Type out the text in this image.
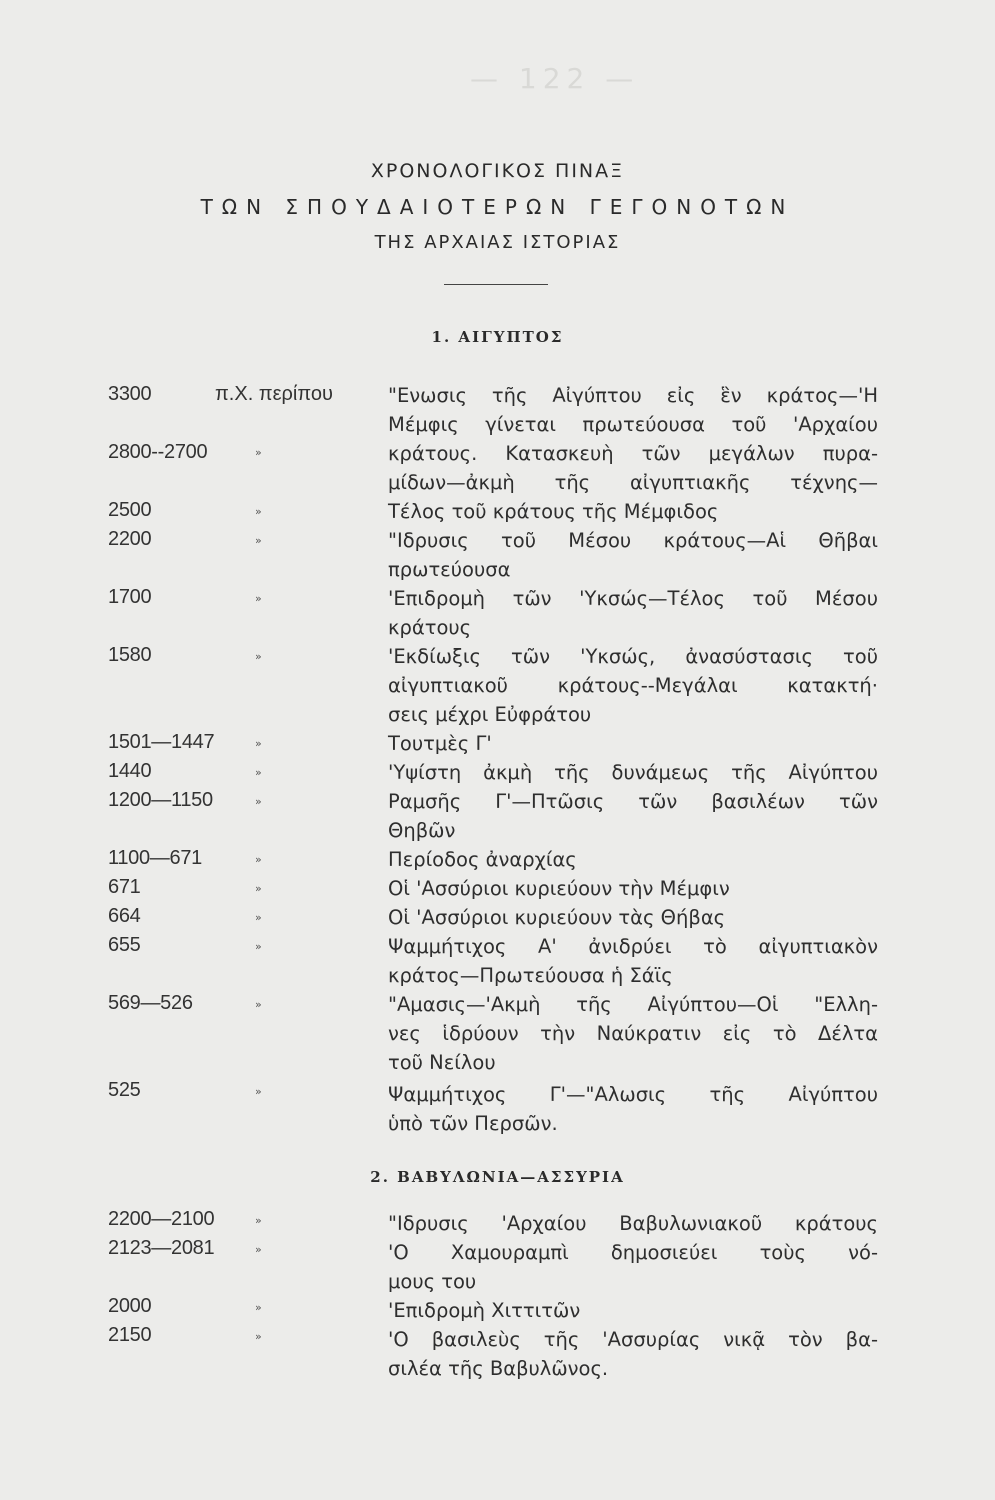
— 122 —
ΧΡΟΝΟΛΟΓΙΚΟΣ ΠΙΝΑΞ
ΤΩΝ ΣΠΟΥΔΑΙΟΤΕΡΩΝ ΓΕΓΟΝΟΤΩΝ
ΤΗΣ ΑΡΧΑΙΑΣ ΙΣΤΟΡΙΑΣ
1. ΑΙΓΥΠΤΟΣ
2. ΒΑΒΥΛΩΝΙΑ—ΑΣΣΥΡΙΑ
3300	π.Χ. περίπου	"Ενωσις τῆς Αἰγύπτου εἰς ἓν κράτος—'Η
Μέμφις γίνεται πρωτεύουσα τοῦ 'Αρχαίου
2800--2700	»	κράτους. Κατασκευὴ τῶν μεγάλων πυρα-
μίδων—ἀκμὴ τῆς αἰγυπτιακῆς τέχνης—
2500	»	Τέλος τοῦ κράτους τῆς Μέμφιδος
2200	»	"Ιδρυσις τοῦ Μέσου κράτους—Αἱ Θῆβαι
πρωτεύουσα
1700	»	'Επιδρομὴ τῶν 'Υκσώς—Τέλος τοῦ Μέσου
κράτους
1580	»	'Εκδίωξις τῶν 'Υκσώς, ἀνασύστασις τοῦ
αἰγυπτιακοῦ κράτους--Μεγάλαι κατακτή·
σεις μέχρι Εὐφράτου
1501—1447	»	Τουτμὲς Γ'
1440	»	'Υψίστη ἀκμὴ τῆς δυνάμεως τῆς Αἰγύπτου
1200—1150	»	Ραμσῆς Γ'—Πτῶσις τῶν βασιλέων τῶν
Θηβῶν
1100—671	»	Περίοδος ἀναρχίας
671	»	Οἱ 'Ασσύριοι κυριεύουν τὴν Μέμφιν
664	»	Οἱ 'Ασσύριοι κυριεύουν τὰς Θήβας
655	»	Ψαμμήτιχος Α' ἀνιδρύει τὸ αἰγυπτιακὸν
κράτος—Πρωτεύουσα ἡ Σάϊς
569—526	»	"Αμασις—'Ακμὴ τῆς Αἰγύπτου—Οἱ "Ελλη-
νες ἱδρύουν τὴν Ναύκρατιν εἰς τὸ Δέλτα
τοῦ Νείλου
525	»	Ψαμμήτιχος Γ'—"Αλωσις τῆς Αἰγύπτου
ὑπὸ τῶν Περσῶν.
2200—2100	»	"Ιδρυσις 'Αρχαίου Βαβυλωνιακοῦ κράτους
2123—2081	»	'Ο Χαμουραμπὶ δημοσιεύει τοὺς νό-
μους του
2000	»	'Επιδρομὴ Χιττιτῶν
2150	»	'Ο βασιλεὺς τῆς 'Ασσυρίας νικᾷ τὸν βα-
σιλέα τῆς Βαβυλῶνος.
